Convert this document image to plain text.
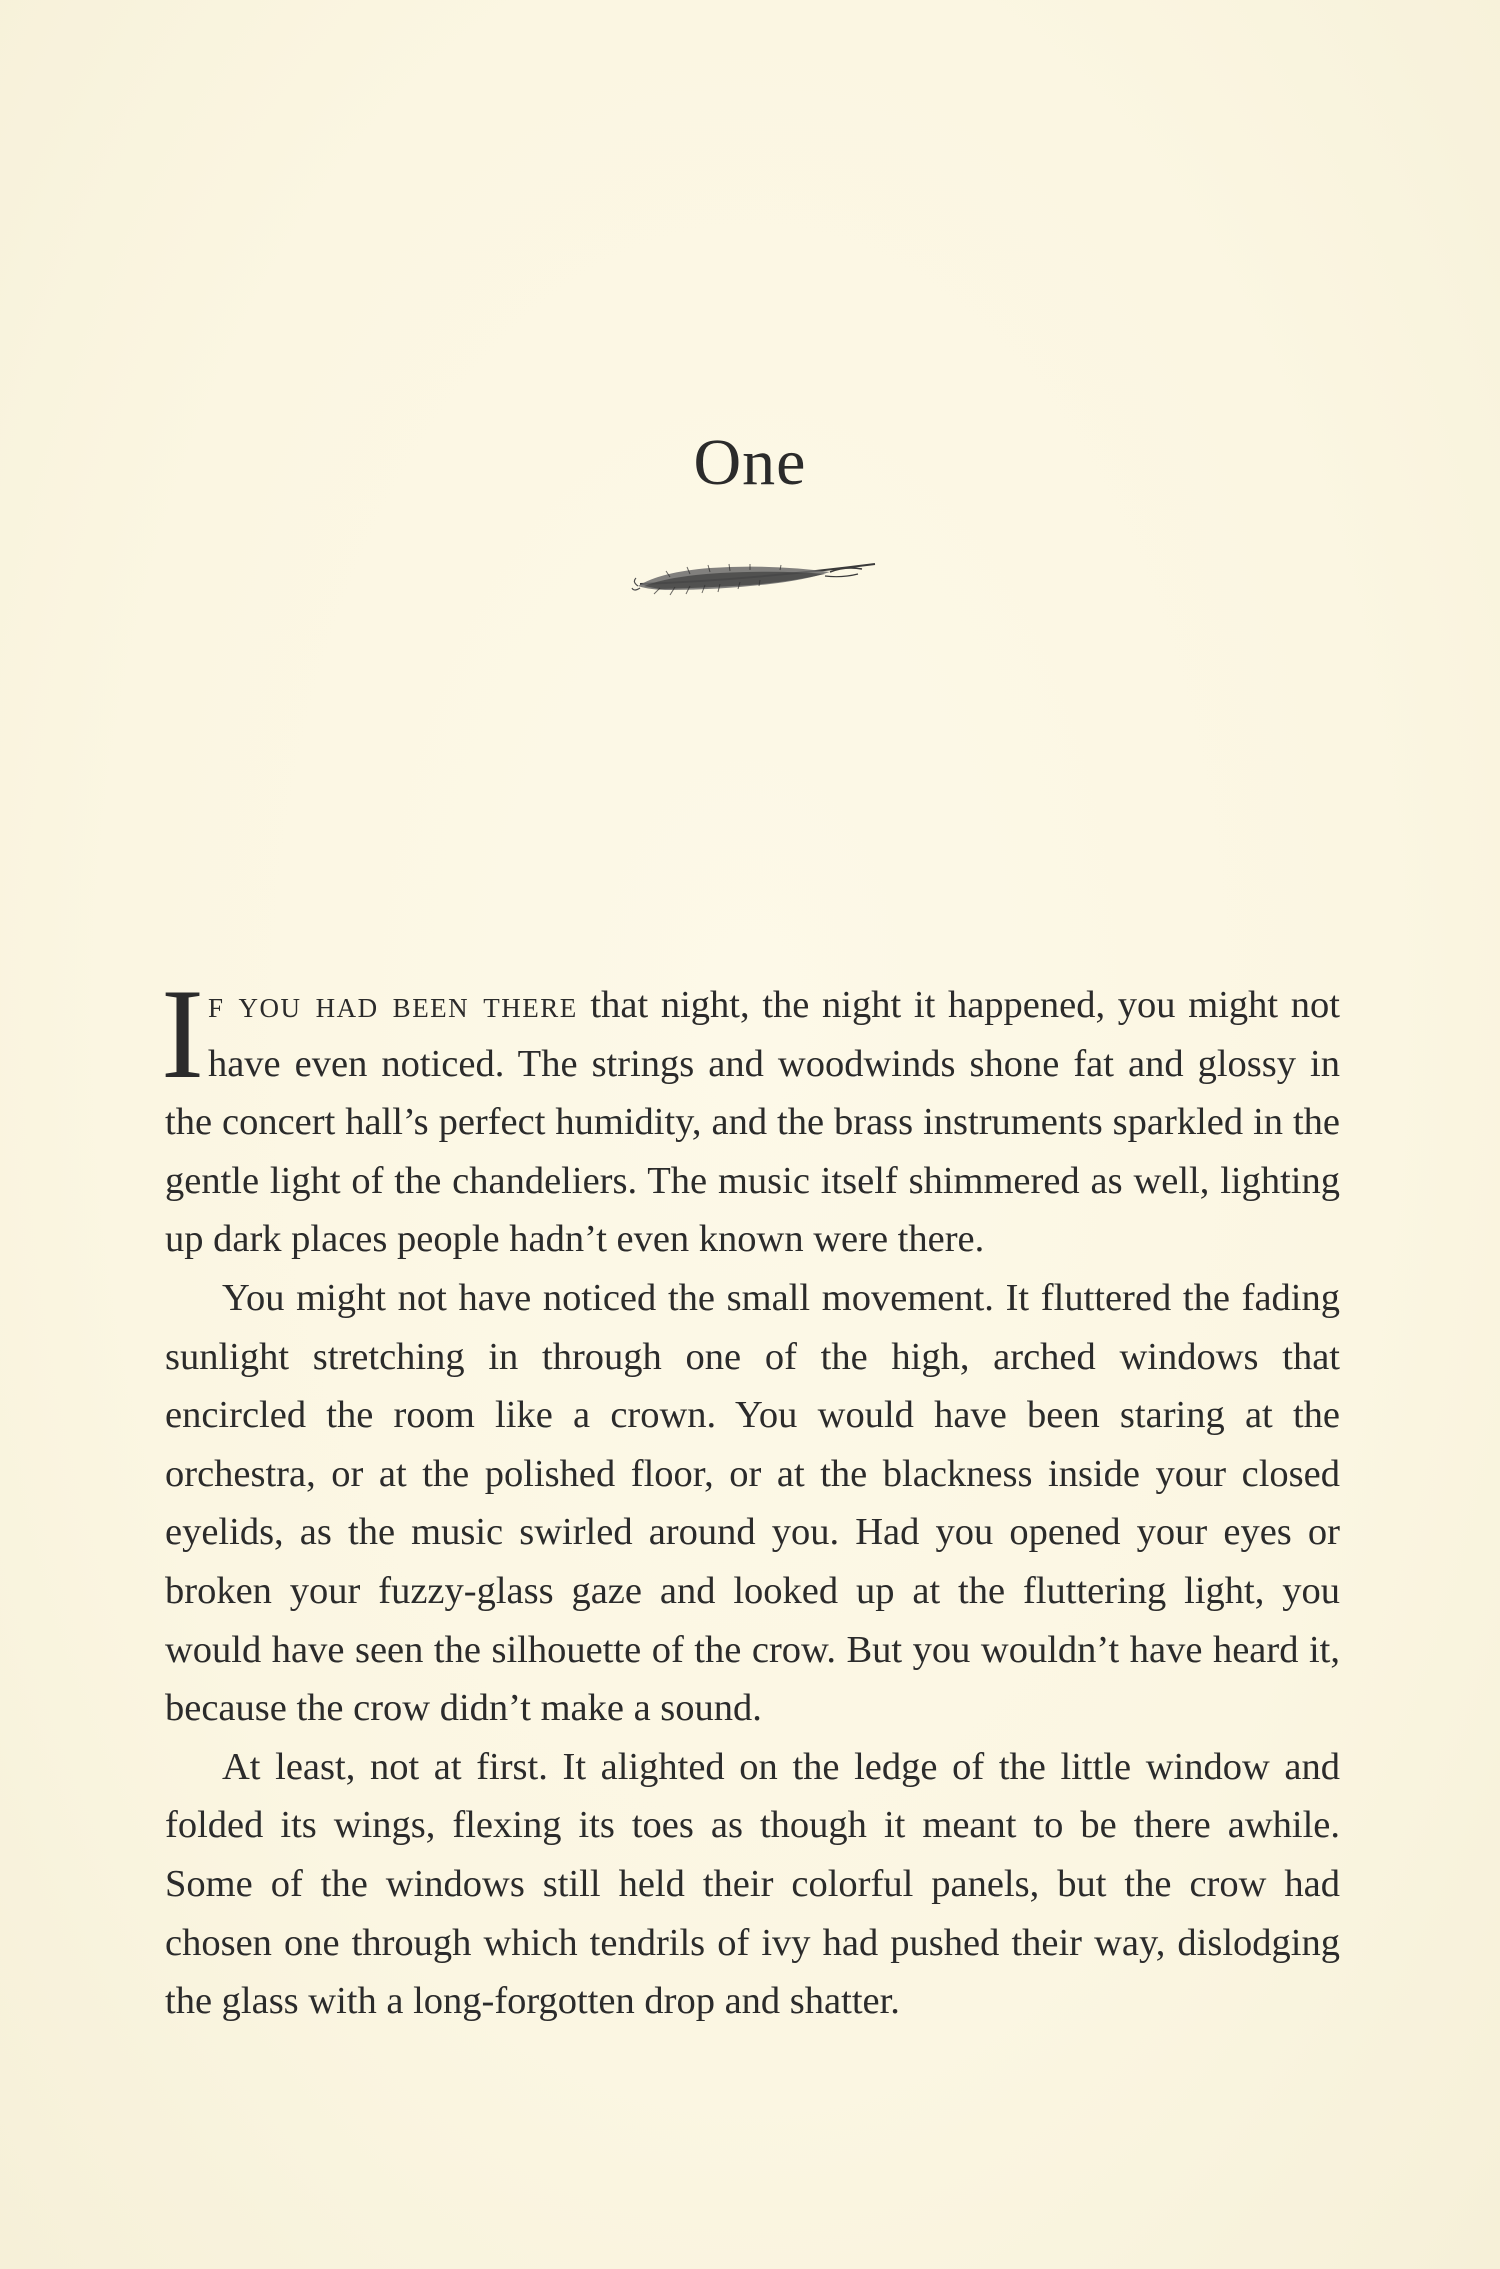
One

If you had been there that night, the night it happened, you might not have even noticed. The strings and woodwinds shone fat and glossy in the concert hall’s perfect humidity, and the brass instruments sparkled in the gentle light of the chandeliers. The music itself shimmered as well, lighting up dark places people hadn’t even known were there.

You might not have noticed the small movement. It fluttered the fading sunlight stretching in through one of the high, arched windows that encircled the room like a crown. You would have been staring at the orchestra, or at the polished floor, or at the blackness inside your closed eyelids, as the music swirled around you. Had you opened your eyes or broken your fuzzy-glass gaze and looked up at the fluttering light, you would have seen the silhouette of the crow. But you wouldn’t have heard it, because the crow didn’t make a sound.

At least, not at first. It alighted on the ledge of the little window and folded its wings, flexing its toes as though it meant to be there awhile. Some of the windows still held their colorful panels, but the crow had chosen one through which tendrils of ivy had pushed their way, dislodging the glass with a long-forgotten drop and shatter.
